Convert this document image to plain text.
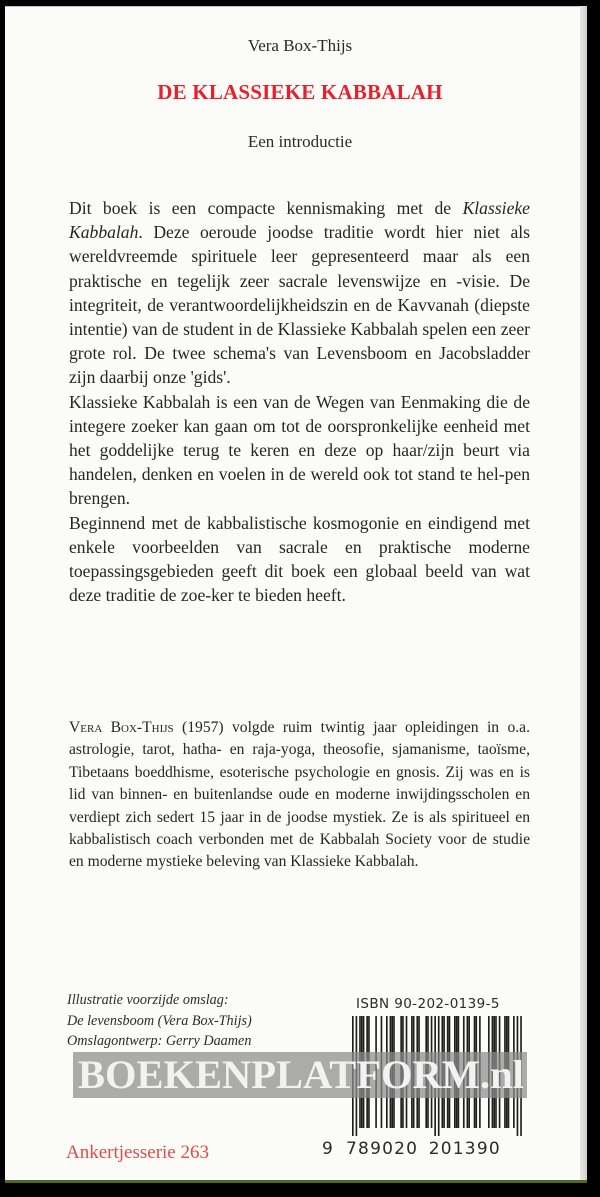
Vera Box-Thijs
DE KLASSIEKE KABBALAH
Een introductie

Dit boek is een compacte kennismaking met de Klassieke Kabbalah. Deze oeroude joodse traditie wordt hier niet als wereldvreemde spirituele leer gepresenteerd maar als een praktische en tegelijk zeer sacrale levenswijze en -visie. De integriteit, de verantwoordelijkheidszin en de Kavvanah (diepste intentie) van de student in de Klassieke Kabbalah spelen een zeer grote rol. De twee schema's van Levensboom en Jacobsladder zijn daarbij onze 'gids'.

Klassieke Kabbalah is een van de Wegen van Eenmaking die de integere zoeker kan gaan om tot de oorspronkelijke eenheid met het goddelijke terug te keren en deze op haar/zijn beurt via handelen, denken en voelen in de wereld ook tot stand te hel-pen brengen.

Beginnend met de kabbalistische kosmogonie en eindigend met enkele voorbeelden van sacrale en praktische moderne toepassingsgebieden geeft dit boek een globaal beeld van wat deze traditie de zoe-ker te bieden heeft.

Vera Box-Thijs (1957) volgde ruim twintig jaar opleidingen in o.a. astrologie, tarot, hatha- en raja-yoga, theosofie, sjamanisme, taoïsme, Tibetaans boeddhisme, esoterische psychologie en gnosis. Zij was en is lid van binnen- en buitenlandse oude en moderne inwijdingsscholen en verdiept zich sedert 15 jaar in de joodse mystiek. Ze is als spiritueel en kabbalistisch coach verbonden met de Kabbalah Society voor de studie en moderne mystieke beleving van Klassieke Kabbalah.

Illustratie voorzijde omslag:
De levensboom (Vera Box-Thijs)
Omslagontwerp: Gerry Daamen
ISBN 90-202-0139-5
9 789020 201390
Ankertjesserie 263
BOEKENPLATFORM.nl
